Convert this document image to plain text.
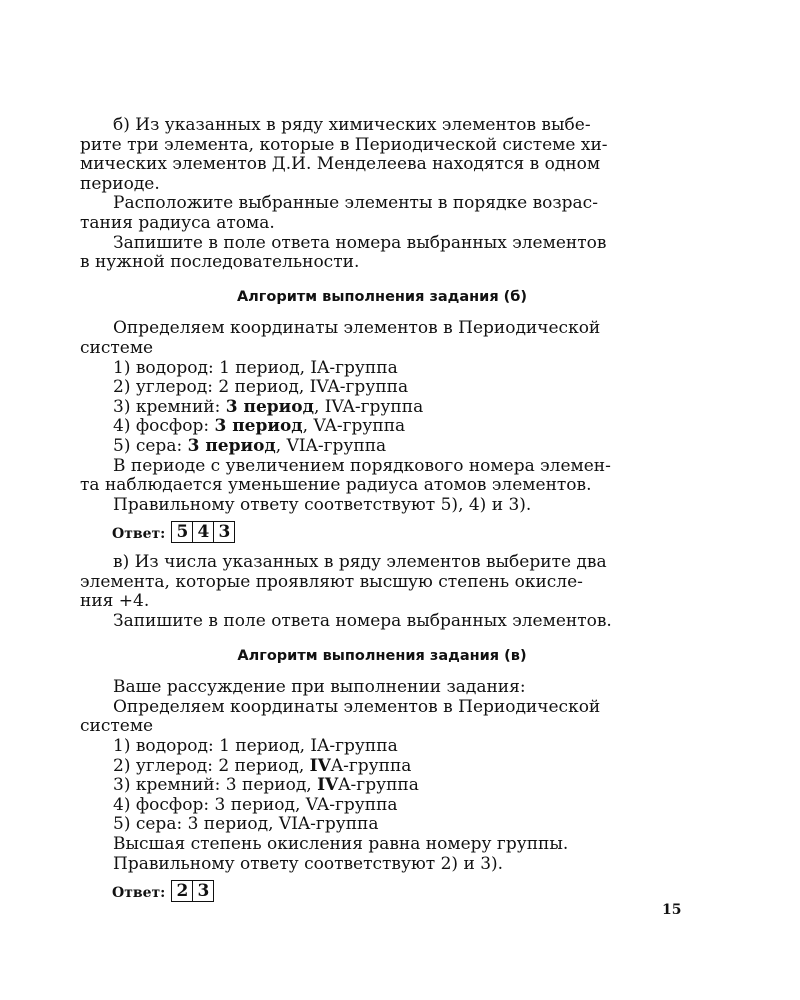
б) Из указанных в ряду химических элементов выбе-

рите три элемента, которые в Периодической системе хи-

мических элементов Д.И. Менделеева находятся в одном

периоде.

Расположите выбранные элементы в порядке возрас-

тания радиуса атома.

Запишите в поле ответа номера выбранных элементов

в нужной последовательности.

Алгоритм выполнения задания (б)

Определяем координаты элементов в Периодической

системе

1) водород: 1 период, IA-группа

2) углерод: 2 период, IVA-группа

3) кремний: 3 период, IVA-группа

4) фосфор: 3 период, VA-группа

5) сера: 3 период, VIA-группа

В периоде с увеличением порядкового номера элемен-

та наблюдается уменьшение радиуса атомов элементов.

Правильному ответу соответствуют 5), 4) и 3).

Ответ: 5 4 3

в) Из числа указанных в ряду элементов выберите два

элемента, которые проявляют высшую степень окисле-

ния +4.

Запишите в поле ответа номера выбранных элементов.

Алгоритм выполнения задания (в)

Ваше рассуждение при выполнении задания:

Определяем координаты элементов в Периодической

системе

1) водород: 1 период, IA-группа

2) углерод: 2 период, IVA-группа

3) кремний: 3 период, IVA-группа

4) фосфор: 3 период, VA-группа

5) сера: 3 период, VIA-группа

Высшая степень окисления равна номеру группы.

Правильному ответу соответствуют 2) и 3).

Ответ: 2 3
15
